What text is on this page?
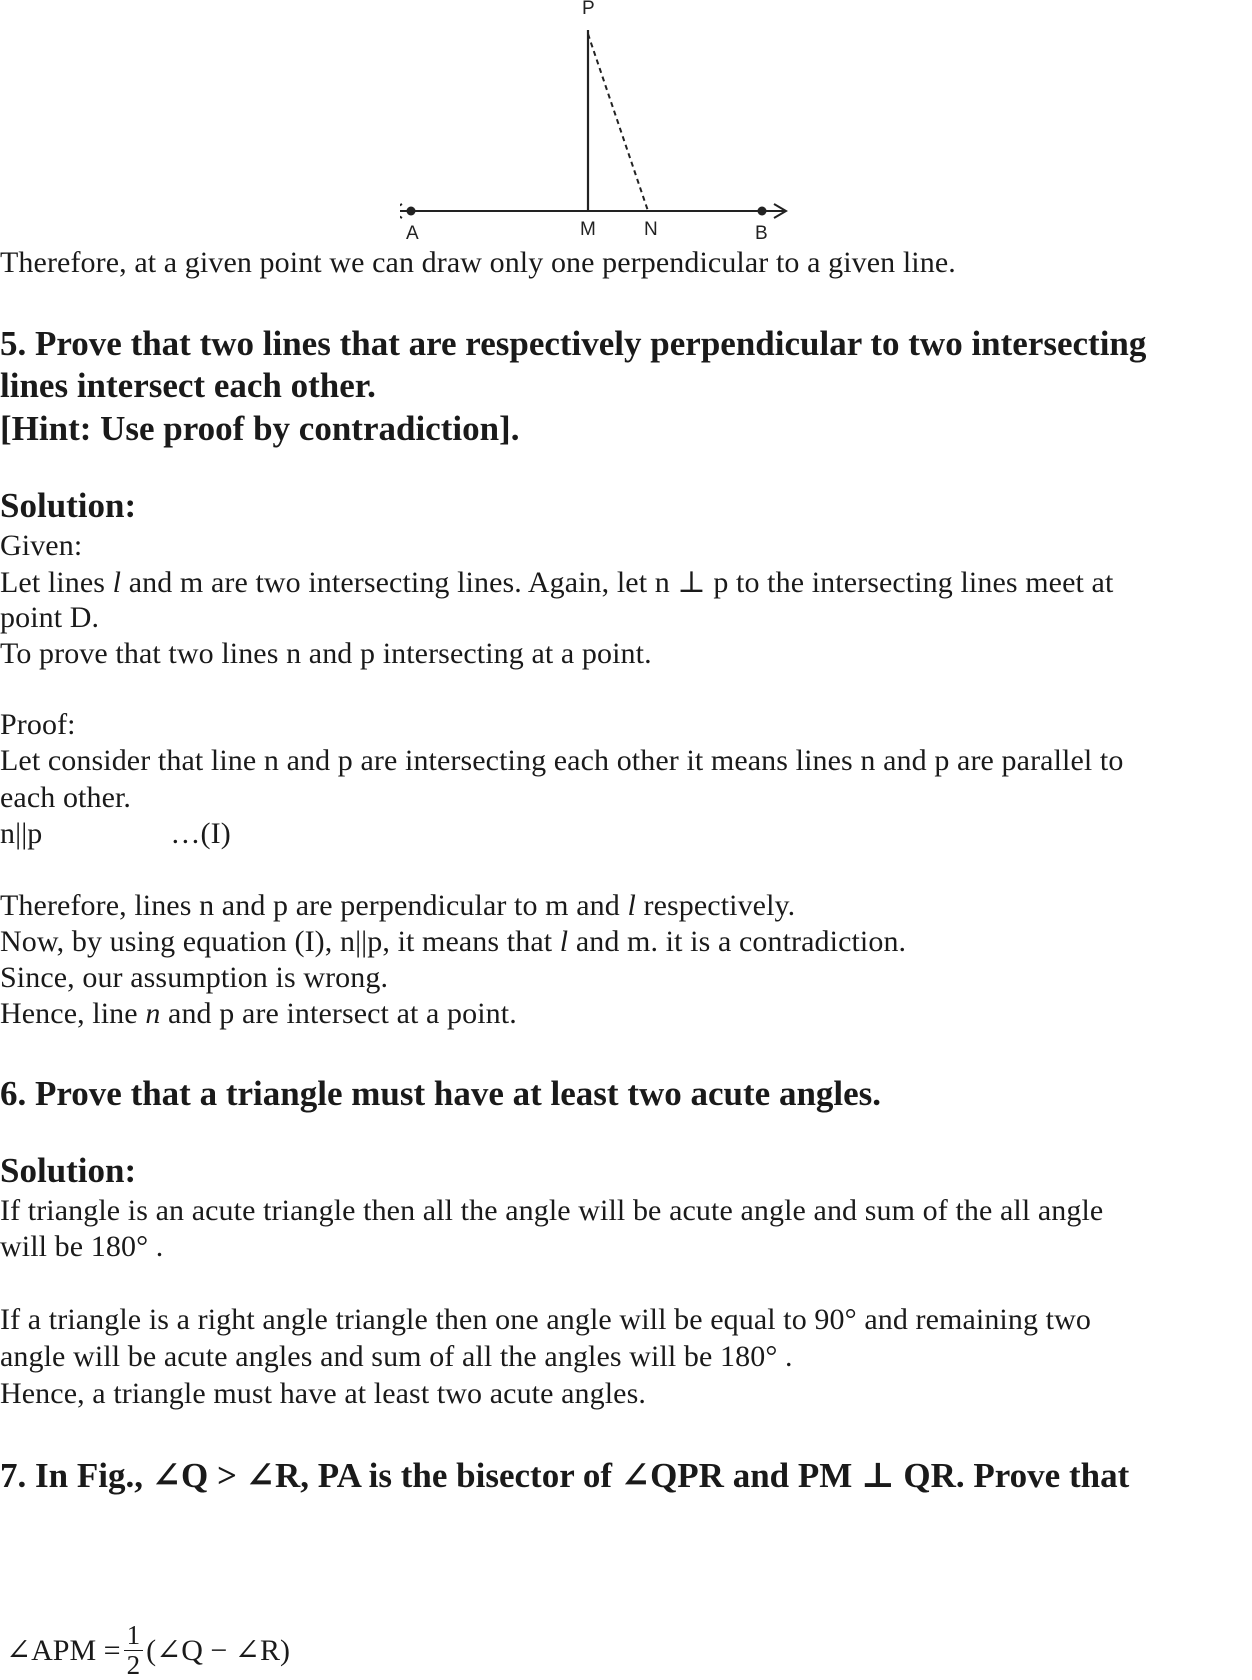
P
A	M	N	B
Therefore, at a given point we can draw only one perpendicular to a given line.
5. Prove that two lines that are respectively perpendicular to two intersecting
lines intersect each other.
[Hint: Use proof by contradiction].
Solution:
Given:
Let lines l and m are two intersecting lines. Again, let n ⊥ p to the intersecting lines meet at
point D.
To prove that two lines n and p intersecting at a point.
Proof:
Let consider that line n and p are intersecting each other it means lines n and p are parallel to
each other.
n||p	…(I)
Therefore, lines n and p are perpendicular to m and l respectively.
Now, by using equation (I), n||p, it means that l and m. it is a contradiction.
Since, our assumption is wrong.
Hence, line n and p are intersect at a point.
6. Prove that a triangle must have at least two acute angles.
Solution:
If triangle is an acute triangle then all the angle will be acute angle and sum of the all angle
will be 180° .
If a triangle is a right angle triangle then one angle will be equal to 90° and remaining two
angle will be acute angles and sum of all the angles will be 180° .
Hence, a triangle must have at least two acute angles.
7. In Fig., ∠Q > ∠R, PA is the bisector of ∠QPR and PM ⊥ QR. Prove that
∠APM = $\frac{1}{2}$ (∠Q − ∠R)
